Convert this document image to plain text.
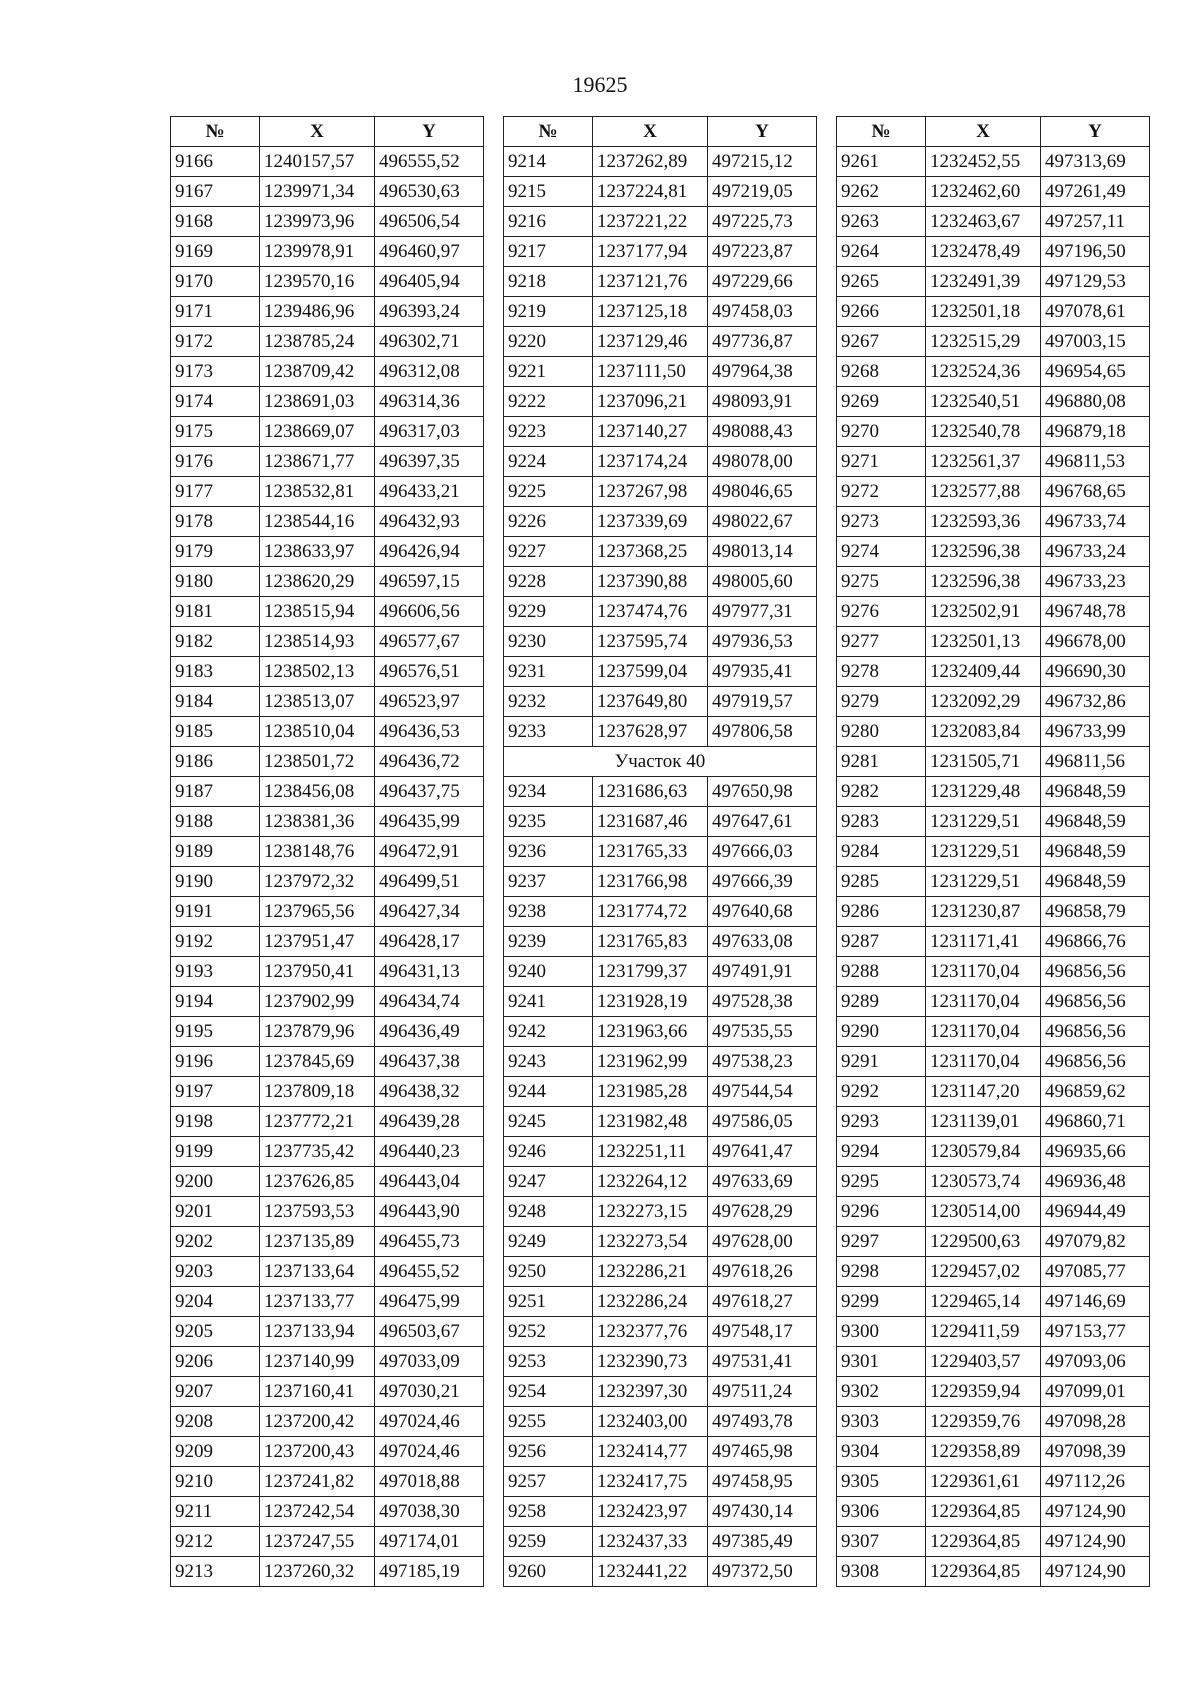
19625
№	X	Y
9166	1240157,57	496555,52
9167	1239971,34	496530,63
9168	1239973,96	496506,54
9169	1239978,91	496460,97
9170	1239570,16	496405,94
9171	1239486,96	496393,24
9172	1238785,24	496302,71
9173	1238709,42	496312,08
9174	1238691,03	496314,36
9175	1238669,07	496317,03
9176	1238671,77	496397,35
9177	1238532,81	496433,21
9178	1238544,16	496432,93
9179	1238633,97	496426,94
9180	1238620,29	496597,15
9181	1238515,94	496606,56
9182	1238514,93	496577,67
9183	1238502,13	496576,51
9184	1238513,07	496523,97
9185	1238510,04	496436,53
9186	1238501,72	496436,72
9187	1238456,08	496437,75
9188	1238381,36	496435,99
9189	1238148,76	496472,91
9190	1237972,32	496499,51
9191	1237965,56	496427,34
9192	1237951,47	496428,17
9193	1237950,41	496431,13
9194	1237902,99	496434,74
9195	1237879,96	496436,49
9196	1237845,69	496437,38
9197	1237809,18	496438,32
9198	1237772,21	496439,28
9199	1237735,42	496440,23
9200	1237626,85	496443,04
9201	1237593,53	496443,90
9202	1237135,89	496455,73
9203	1237133,64	496455,52
9204	1237133,77	496475,99
9205	1237133,94	496503,67
9206	1237140,99	497033,09
9207	1237160,41	497030,21
9208	1237200,42	497024,46
9209	1237200,43	497024,46
9210	1237241,82	497018,88
9211	1237242,54	497038,30
9212	1237247,55	497174,01
9213	1237260,32	497185,19
№	X	Y
9214	1237262,89	497215,12
9215	1237224,81	497219,05
9216	1237221,22	497225,73
9217	1237177,94	497223,87
9218	1237121,76	497229,66
9219	1237125,18	497458,03
9220	1237129,46	497736,87
9221	1237111,50	497964,38
9222	1237096,21	498093,91
9223	1237140,27	498088,43
9224	1237174,24	498078,00
9225	1237267,98	498046,65
9226	1237339,69	498022,67
9227	1237368,25	498013,14
9228	1237390,88	498005,60
9229	1237474,76	497977,31
9230	1237595,74	497936,53
9231	1237599,04	497935,41
9232	1237649,80	497919,57
9233	1237628,97	497806,58
Участок 40		
9234	1231686,63	497650,98
9235	1231687,46	497647,61
9236	1231765,33	497666,03
9237	1231766,98	497666,39
9238	1231774,72	497640,68
9239	1231765,83	497633,08
9240	1231799,37	497491,91
9241	1231928,19	497528,38
9242	1231963,66	497535,55
9243	1231962,99	497538,23
9244	1231985,28	497544,54
9245	1231982,48	497586,05
9246	1232251,11	497641,47
9247	1232264,12	497633,69
9248	1232273,15	497628,29
9249	1232273,54	497628,00
9250	1232286,21	497618,26
9251	1232286,24	497618,27
9252	1232377,76	497548,17
9253	1232390,73	497531,41
9254	1232397,30	497511,24
9255	1232403,00	497493,78
9256	1232414,77	497465,98
9257	1232417,75	497458,95
9258	1232423,97	497430,14
9259	1232437,33	497385,49
9260	1232441,22	497372,50
№	X	Y
9261	1232452,55	497313,69
9262	1232462,60	497261,49
9263	1232463,67	497257,11
9264	1232478,49	497196,50
9265	1232491,39	497129,53
9266	1232501,18	497078,61
9267	1232515,29	497003,15
9268	1232524,36	496954,65
9269	1232540,51	496880,08
9270	1232540,78	496879,18
9271	1232561,37	496811,53
9272	1232577,88	496768,65
9273	1232593,36	496733,74
9274	1232596,38	496733,24
9275	1232596,38	496733,23
9276	1232502,91	496748,78
9277	1232501,13	496678,00
9278	1232409,44	496690,30
9279	1232092,29	496732,86
9280	1232083,84	496733,99
9281	1231505,71	496811,56
9282	1231229,48	496848,59
9283	1231229,51	496848,59
9284	1231229,51	496848,59
9285	1231229,51	496848,59
9286	1231230,87	496858,79
9287	1231171,41	496866,76
9288	1231170,04	496856,56
9289	1231170,04	496856,56
9290	1231170,04	496856,56
9291	1231170,04	496856,56
9292	1231147,20	496859,62
9293	1231139,01	496860,71
9294	1230579,84	496935,66
9295	1230573,74	496936,48
9296	1230514,00	496944,49
9297	1229500,63	497079,82
9298	1229457,02	497085,77
9299	1229465,14	497146,69
9300	1229411,59	497153,77
9301	1229403,57	497093,06
9302	1229359,94	497099,01
9303	1229359,76	497098,28
9304	1229358,89	497098,39
9305	1229361,61	497112,26
9306	1229364,85	497124,90
9307	1229364,85	497124,90
9308	1229364,85	497124,90
